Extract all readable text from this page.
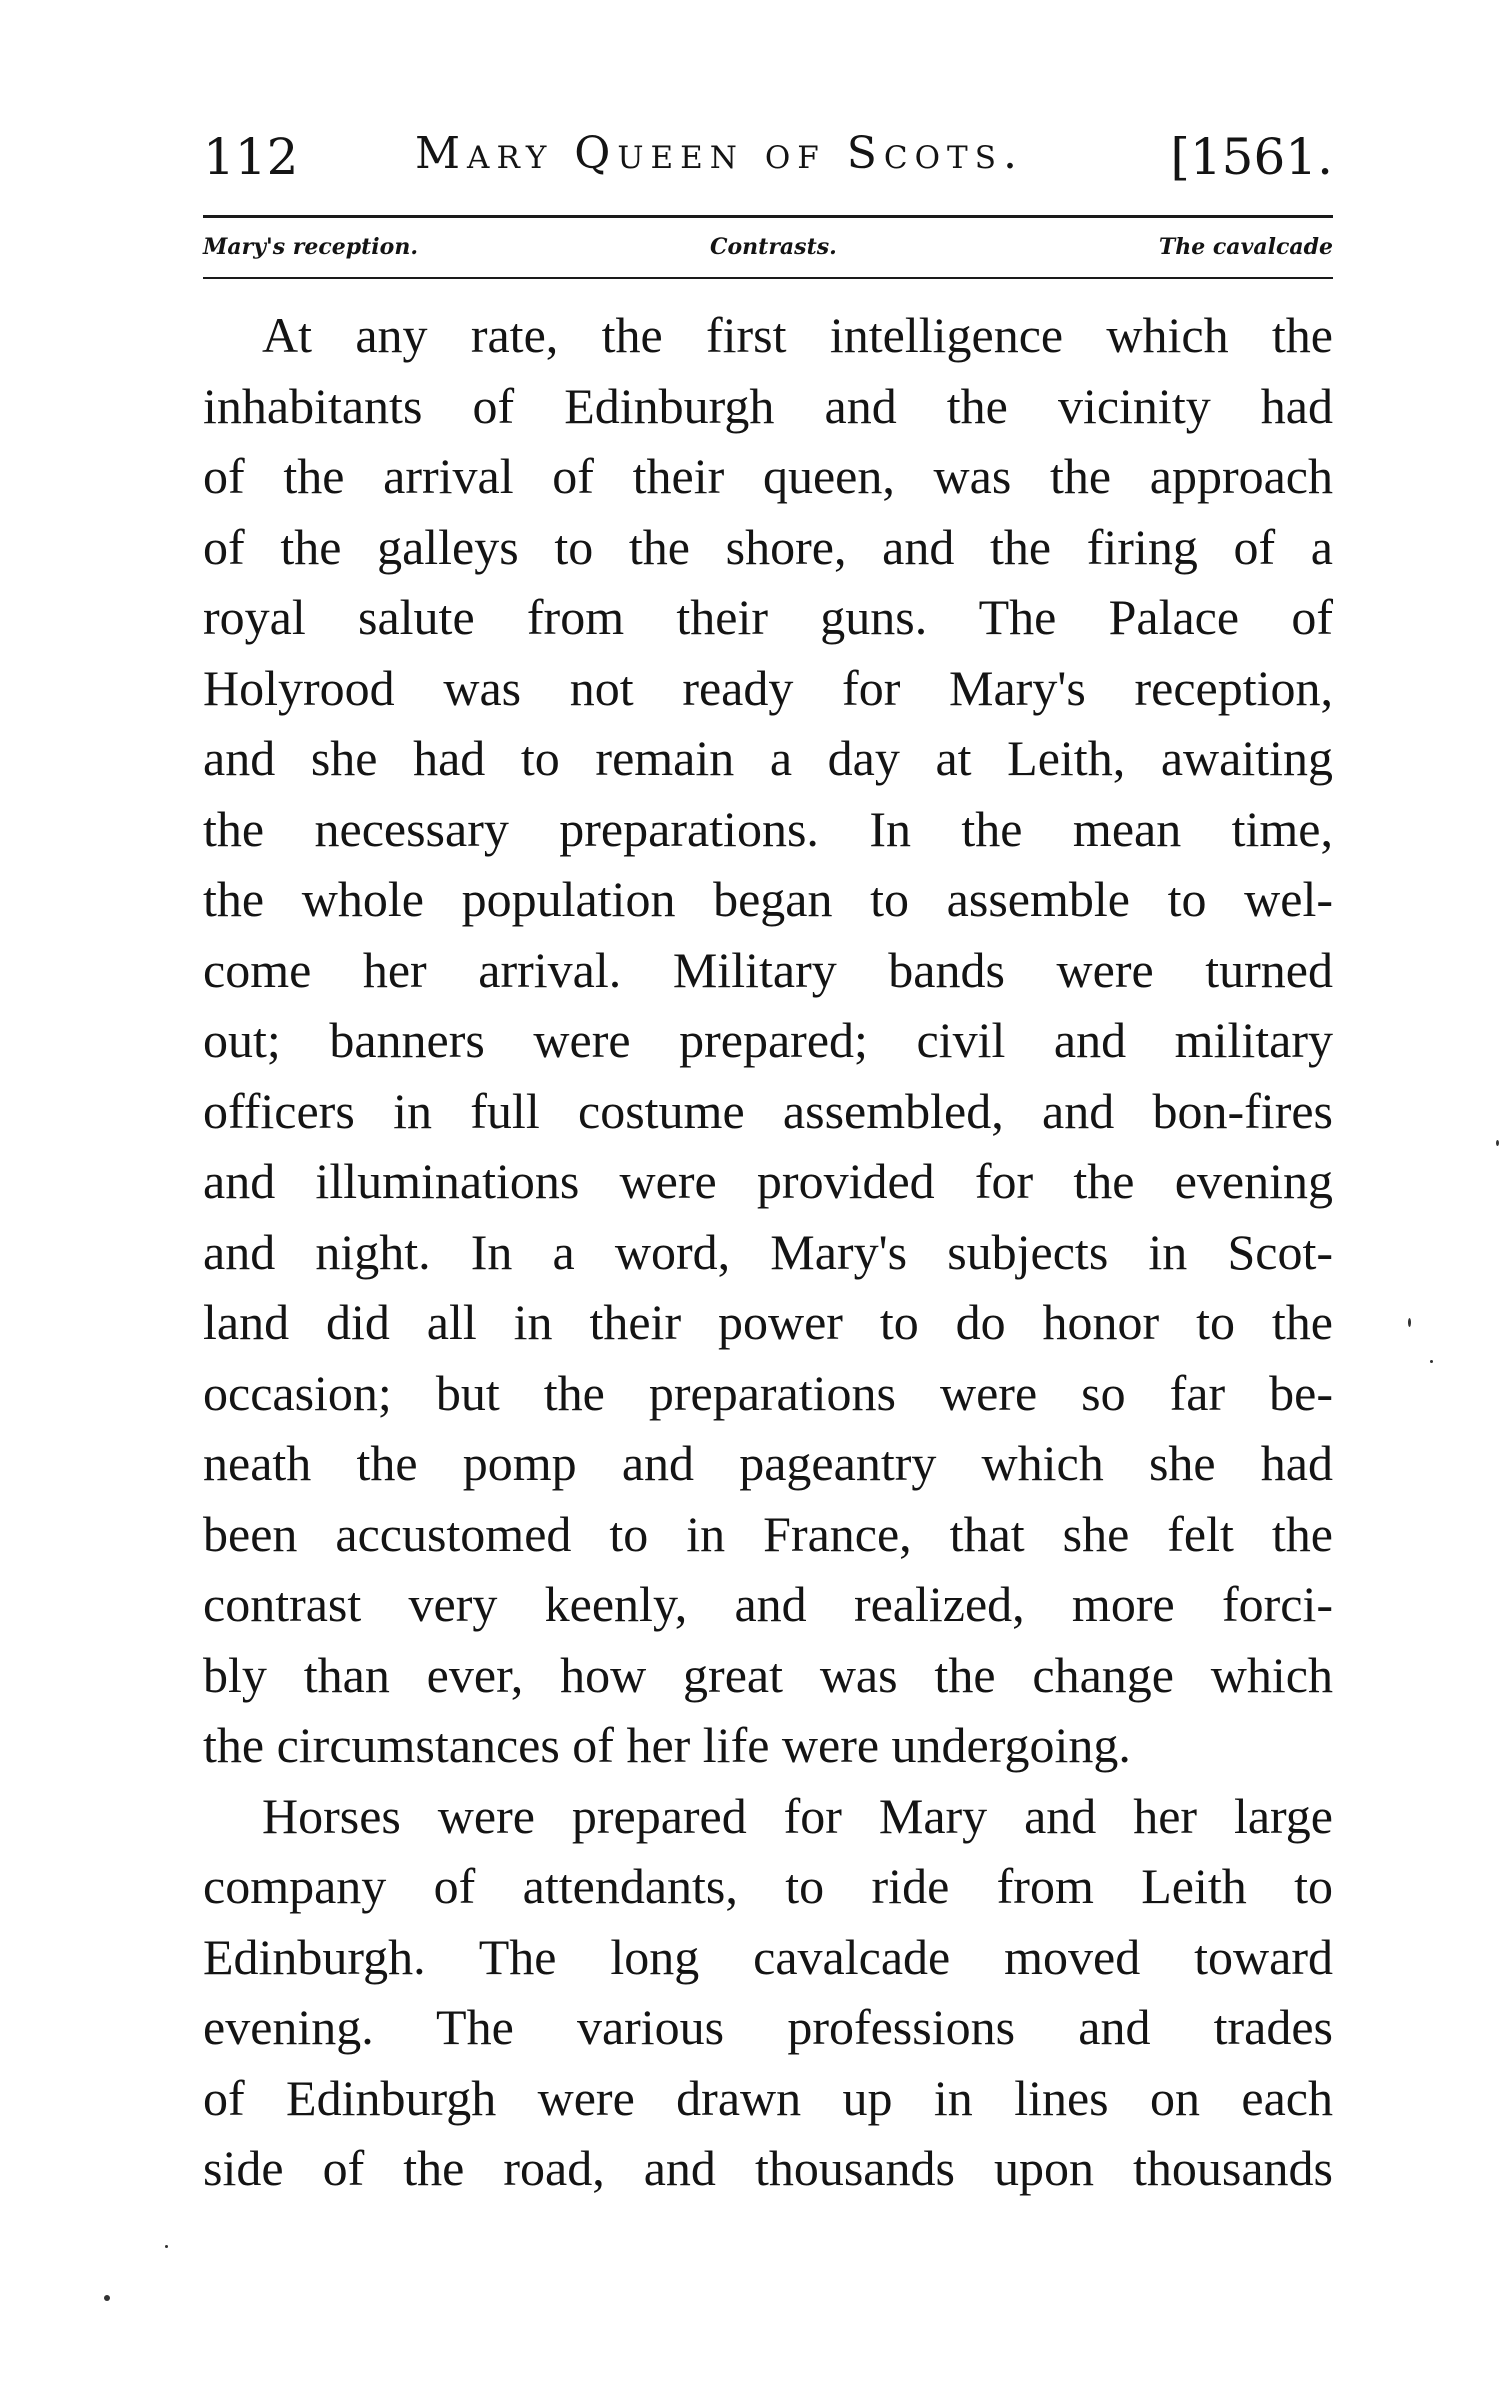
112	Mary Queen of Scots.	[1561.
Mary's reception.	Contrasts.	The cavalcade
At any rate, the first intelligence which the
inhabitants of Edinburgh and the vicinity had
of the arrival of their queen, was the approach
of the galleys to the shore, and the firing of a
royal salute from their guns. The Palace of
Holyrood was not ready for Mary's reception,
and she had to remain a day at Leith, awaiting
the necessary preparations. In the mean time,
the whole population began to assemble to wel-
come her arrival. Military bands were turned
out; banners were prepared; civil and military
officers in full costume assembled, and bon-fires
and illuminations were provided for the evening
and night. In a word, Mary's subjects in Scot-
land did all in their power to do honor to the
occasion; but the preparations were so far be-
neath the pomp and pageantry which she had
been accustomed to in France, that she felt the
contrast very keenly, and realized, more forci-
bly than ever, how great was the change which
the circumstances of her life were undergoing.
Horses were prepared for Mary and her large
company of attendants, to ride from Leith to
Edinburgh. The long cavalcade moved toward
evening. The various professions and trades
of Edinburgh were drawn up in lines on each
side of the road, and thousands upon thousands
